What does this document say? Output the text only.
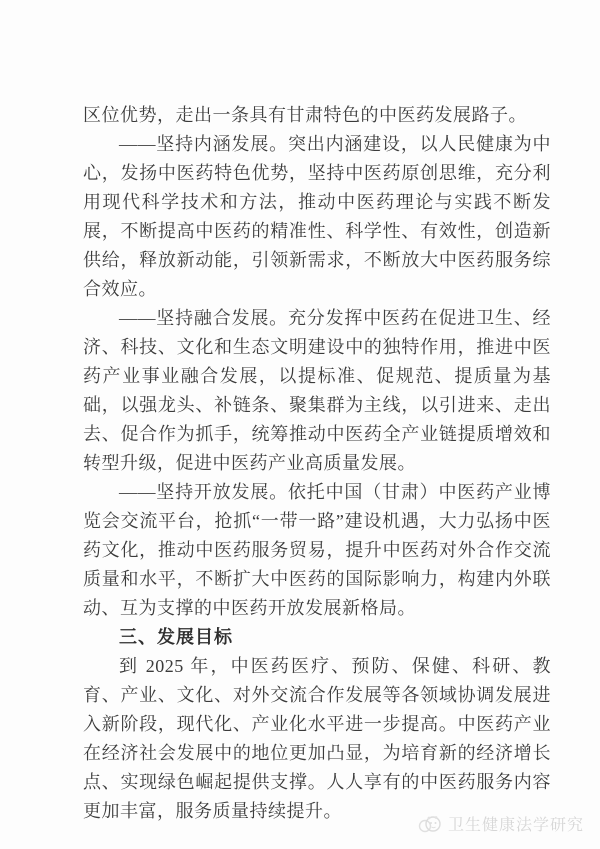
区位优势，走出一条具有甘肃特色的中医药发展路子。

——坚持内涵发展。突出内涵建设，以人民健康为中心，发扬中医药特色优势，坚持中医药原创思维，充分利用现代科学技术和方法，推动中医药理论与实践不断发展，不断提高中医药的精准性、科学性、有效性，创造新供给，释放新动能，引领新需求，不断放大中医药服务综合效应。

——坚持融合发展。充分发挥中医药在促进卫生、经济、科技、文化和生态文明建设中的独特作用，推进中医药产业事业融合发展，以提标准、促规范、提质量为基础，以强龙头、补链条、聚集群为主线，以引进来、走出去、促合作为抓手，统筹推动中医药全产业链提质增效和转型升级，促进中医药产业高质量发展。

——坚持开放发展。依托中国（甘肃）中医药产业博览会交流平台，抢抓“一带一路”建设机遇，大力弘扬中医药文化，推动中医药服务贸易，提升中医药对外合作交流质量和水平，不断扩大中医药的国际影响力，构建内外联动、互为支撑的中医药开放发展新格局。

三、发展目标

到 2025 年，中医药医疗、预防、保健、科研、教育、产业、文化、对外交流合作发展等各领域协调发展进入新阶段，现代化、产业化水平进一步提高。中医药产业在经济社会发展中的地位更加凸显，为培育新的经济增长点、实现绿色崛起提供支撑。人人享有的中医药服务内容更加丰富，服务质量持续提升。

卫生健康法学研究
